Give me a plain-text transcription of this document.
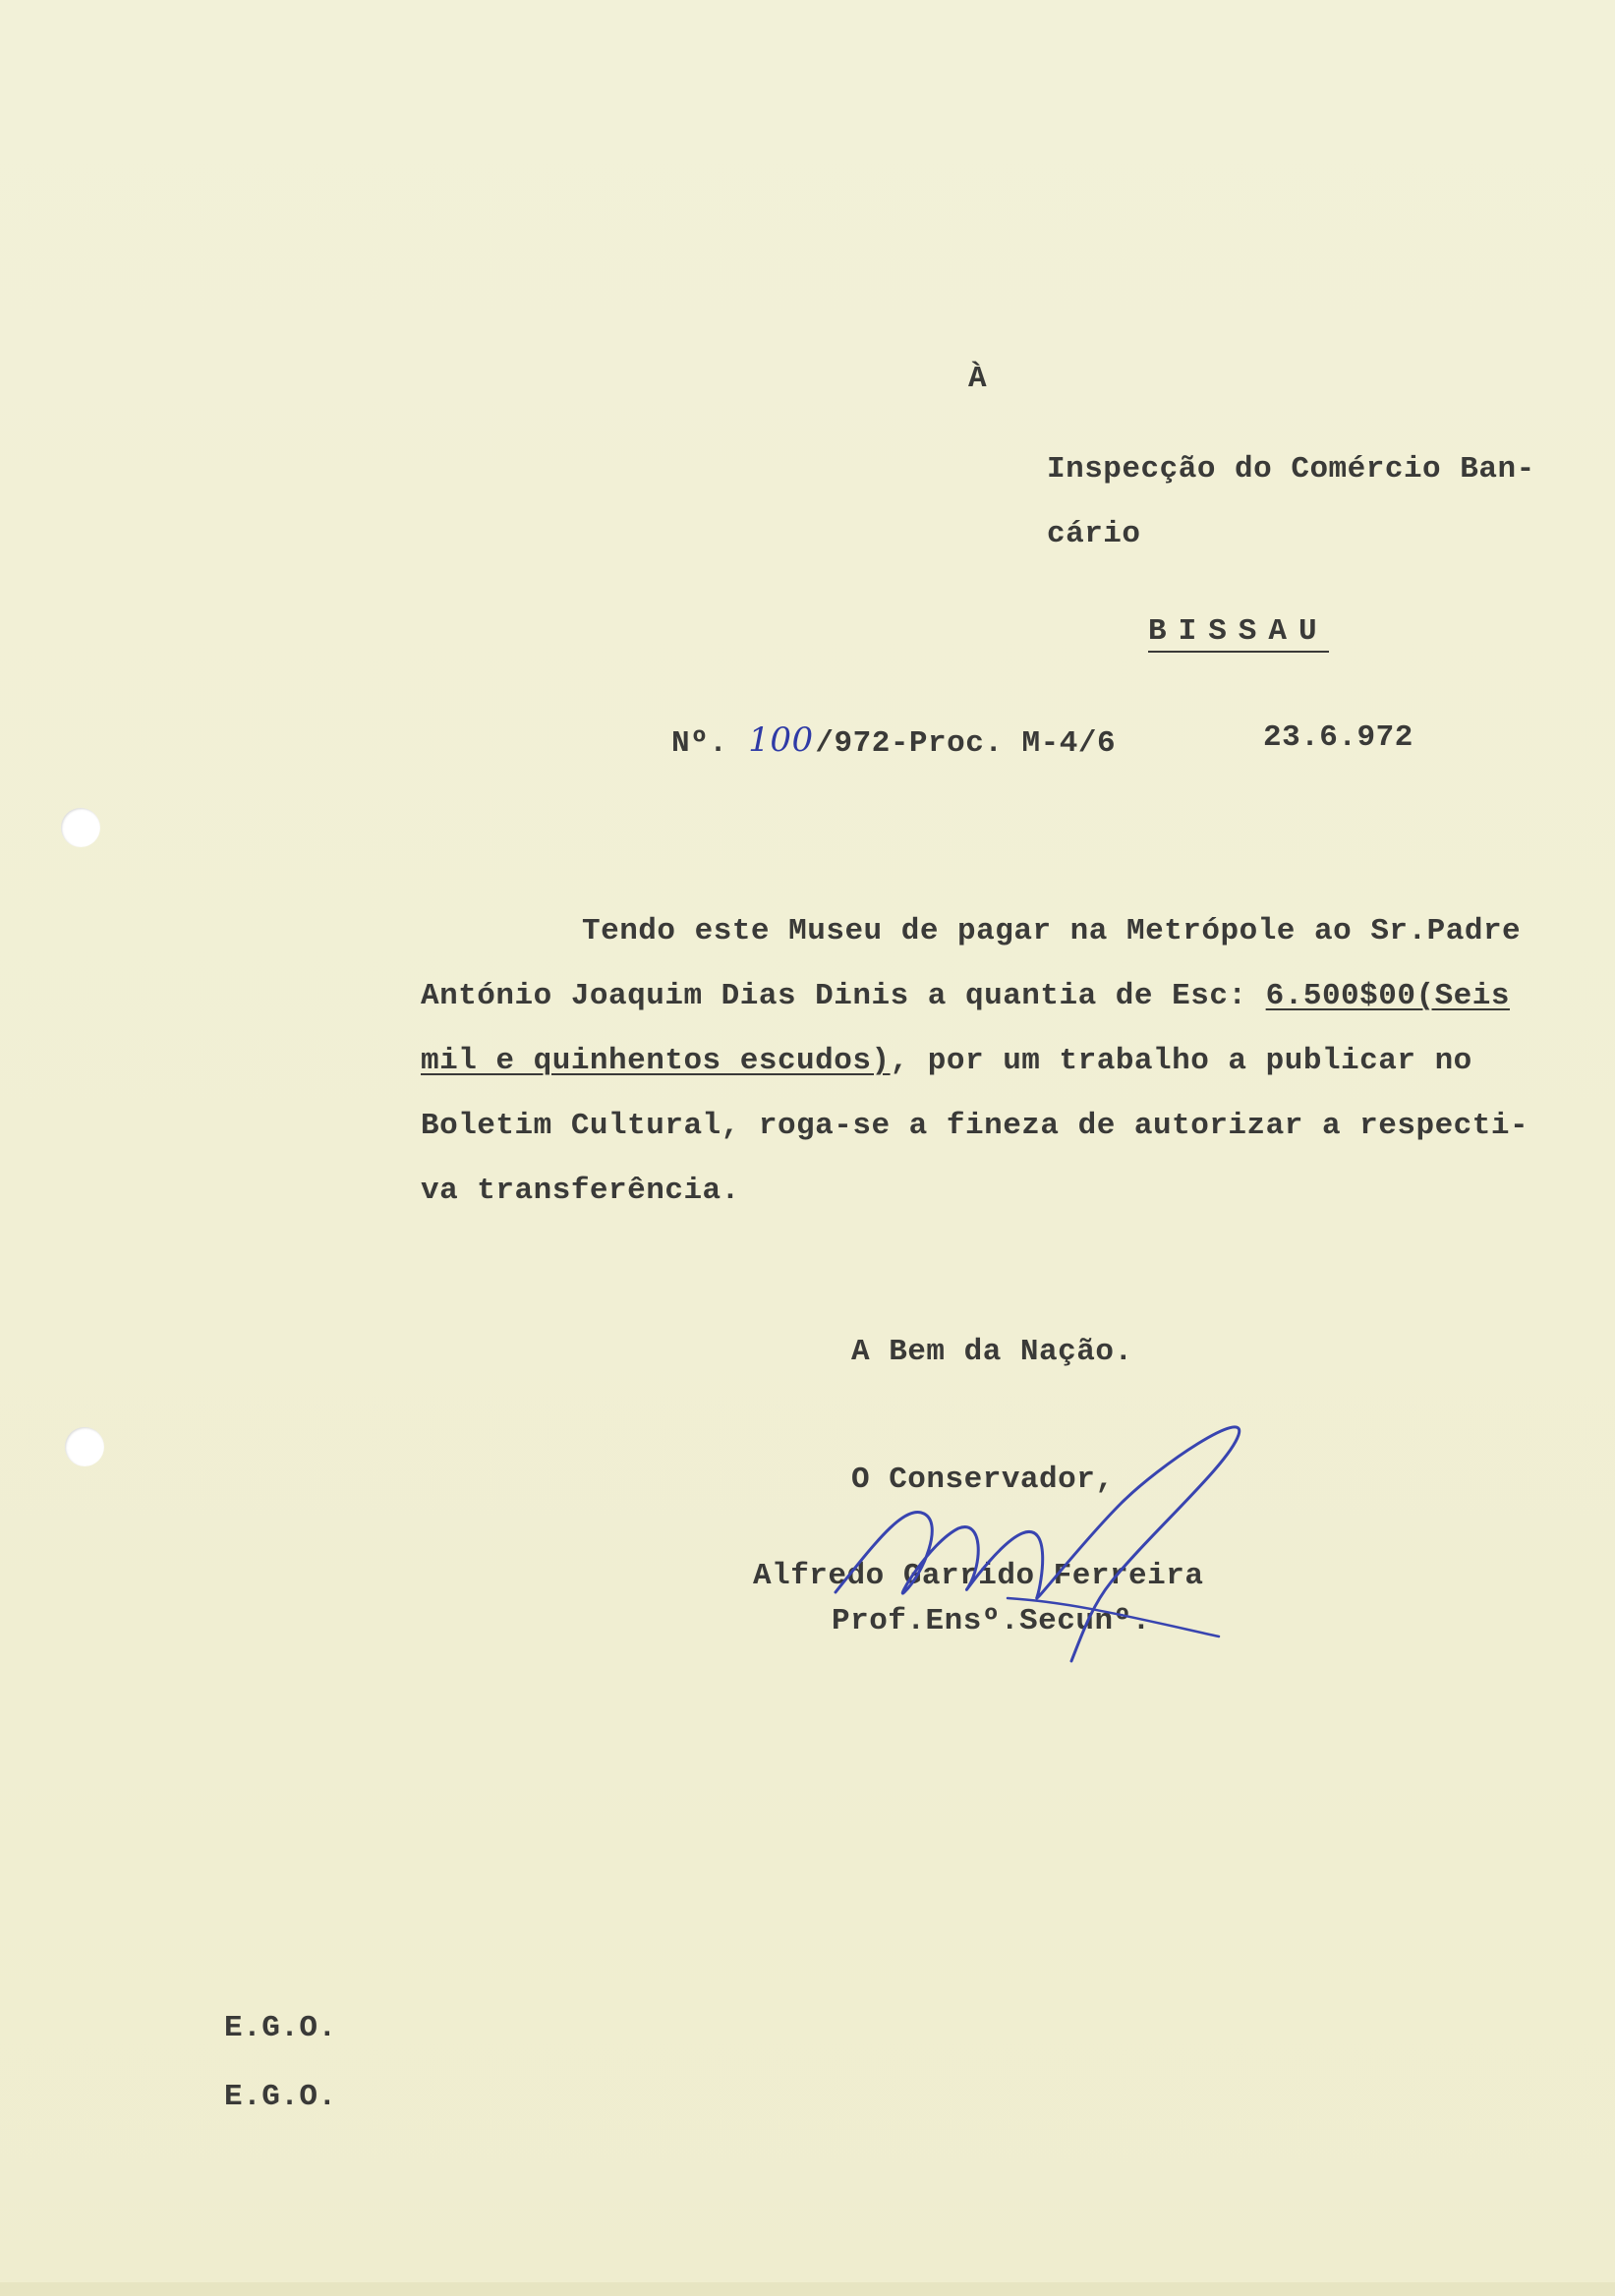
À
Inspecção do Comércio Ban-
cário
BISSAU
Nº. 100/972-Proc. M-4/6	23.6.972
Tendo este Museu de pagar na Metrópole ao Sr.Padre
António Joaquim Dias Dinis a quantia de Esc: 6.500$00(Seis
mil e quinhentos escudos), por um trabalho a publicar no
Boletim Cultural, roga-se a fineza de autorizar a respecti-
va transferência.
A Bem da Nação.
O Conservador,
Alfredo Garrido Ferreira
Prof.Ensº.Secunº.
E.G.O.
E.G.O.
